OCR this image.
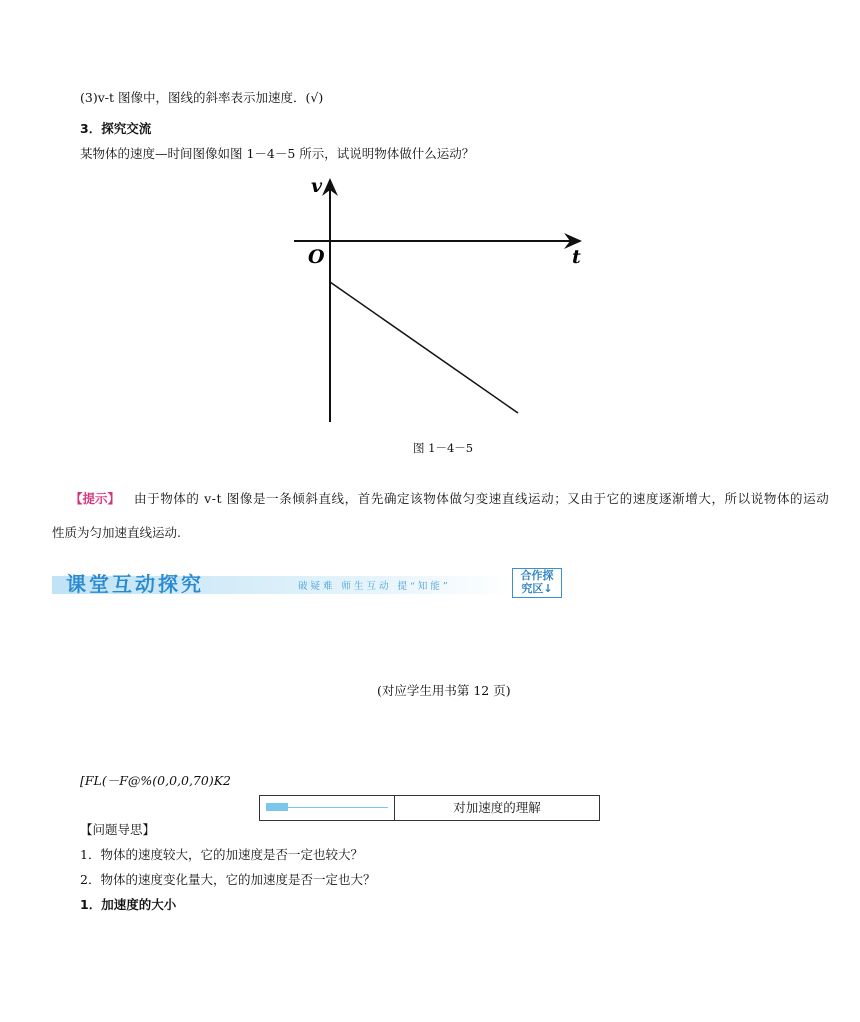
(3)v-t 图像中，图线的斜率表示加速度．(√)
3．探究交流
某物体的速度—时间图像如图 1－4－5 所示，试说明物体做什么运动？
v
t
O
图 1－4－5
【提示】 由于物体的 v-t 图像是一条倾斜直线，首先确定该物体做匀变速直线运动；又由于它的速度逐渐增大，所以说物体的运动
性质为匀加速直线运动.
课堂互动探究	破疑难 师生互动 提“知能”
合作探
究区↓
(对应学生用书第 12 页)
[FL(－F@%(0,0,0,70)K2
对加速度的理解
【问题导思】
1．物体的速度较大，它的加速度是否一定也较大？
2．物体的速度变化量大，它的加速度是否一定也大？
1．加速度的大小
